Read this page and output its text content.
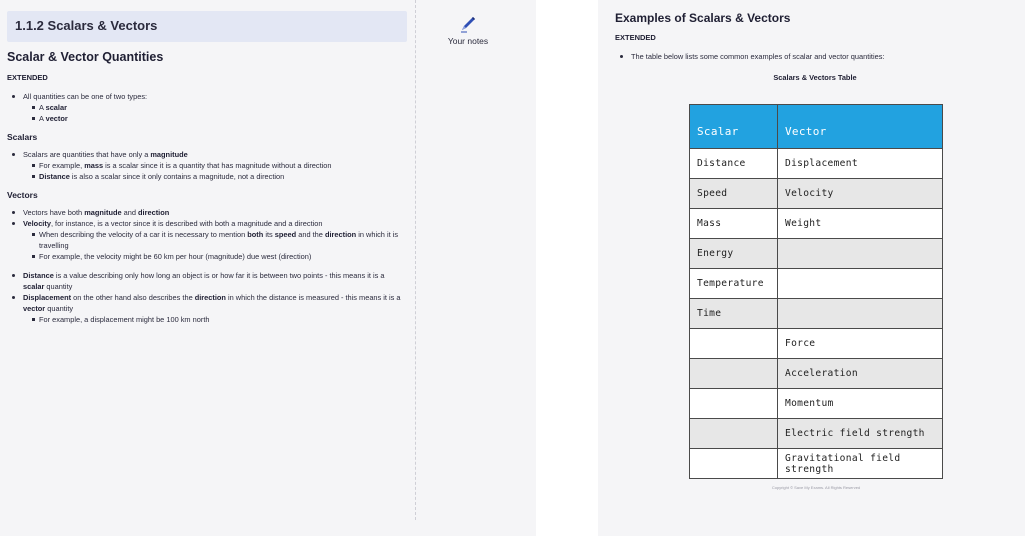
1.1.2 Scalars & Vectors
Your notes
Scalar & Vector Quantities
EXTENDED
All quantities can be one of two types:
A scalar
A vector
Scalars
Scalars are quantities that have only a magnitude
For example, mass is a scalar since it is a quantity that has magnitude without a direction
Distance is also a scalar since it only contains a magnitude, not a direction
Vectors
Vectors have both magnitude and direction
Velocity, for instance, is a vector since it is described with both a magnitude and a direction
When describing the velocity of a car it is necessary to mention both its speed and the direction in which it is travelling
For example, the velocity might be 60 km per hour (magnitude) due west (direction)
Distance is a value describing only how long an object is or how far it is between two points - this means it is a scalar quantity
Displacement on the other hand also describes the direction in which the distance is measured - this means it is a vector quantity
For example, a displacement might be 100 km north
Examples of Scalars & Vectors
EXTENDED
The table below lists some common examples of scalar and vector quantities:
Scalars & Vectors Table
Scalar	Vector
Distance	Displacement
Speed	Velocity
Mass	Weight
Energy	
Temperature	
Time	
	Force
	Acceleration
	Momentum
	Electric field strength
	Gravitational field strength
Copyright © Save My Exams. All Rights Reserved
